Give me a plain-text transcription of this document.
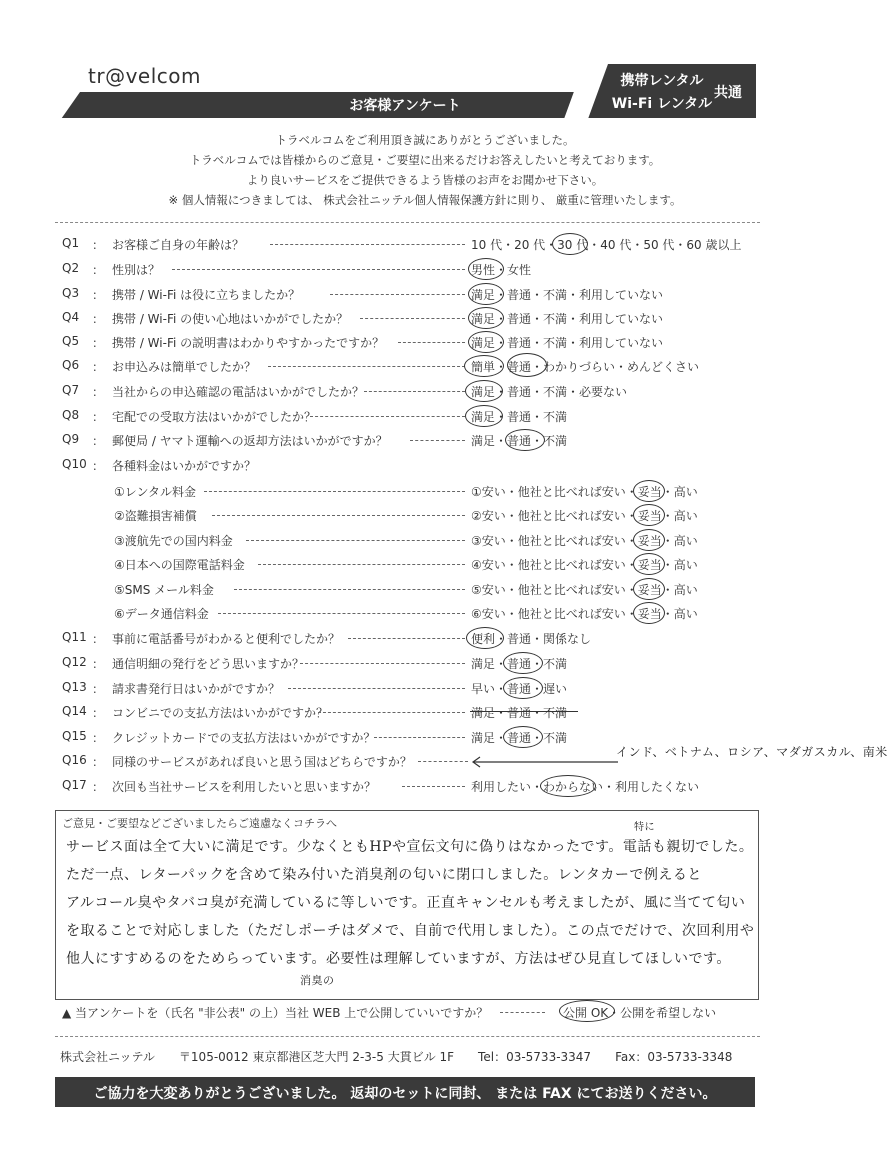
tr@velcom
お客様アンケート
携帯レンタル
Wi-Fi レンタル
共通
トラベルコムをご利用頂き誠にありがとうございました。
トラベルコムでは皆様からのご意見・ご要望に出来るだけお答えしたいと考えております。
より良いサービスをご提供できるよう皆様のお声をお聞かせ下さい。
※ 個人情報につきましては、 株式会社ニッテル個人情報保護方針に則り、 厳重に管理いたします。
Q1 ： お客様ご自身の年齢は？	10 代・20 代・30 代・40 代・50 代・60 歳以上
Q2 ： 性別は？	男性・女性
Q3 ： 携帯 / Wi-Fi は役に立ちましたか？	満足・普通・不満・利用していない
Q4 ： 携帯 / Wi-Fi の使い心地はいかがでしたか？	満足・普通・不満・利用していない
Q5 ： 携帯 / Wi-Fi の説明書はわかりやすかったですか？	満足・普通・不満・利用していない
Q6 ： お申込みは簡単でしたか？	簡単・普通・わかりづらい・めんどくさい
Q7 ： 当社からの申込確認の電話はいかがでしたか？	満足・普通・不満・必要ない
Q8 ： 宅配での受取方法はいかがでしたか？	満足・普通・不満
Q9 ： 郵便局 / ヤマト運輸への返却方法はいかがですか？	満足・普通・不満
Q10 ： 各種料金はいかがですか？
①レンタル料金	①安い・他社と比べれば安い・妥当・高い
②盗難損害補償	②安い・他社と比べれば安い・妥当・高い
③渡航先での国内料金	③安い・他社と比べれば安い・妥当・高い
④日本への国際電話料金	④安い・他社と比べれば安い・妥当・高い
⑤SMS メール料金	⑤安い・他社と比べれば安い・妥当・高い
⑥データ通信料金	⑥安い・他社と比べれば安い・妥当・高い
Q11 ： 事前に電話番号がわかると便利でしたか？	便利・普通・関係なし
Q12 ： 通信明細の発行をどう思いますか？	満足・普通・不満
Q13 ： 請求書発行日はいかがですか？	早い・普通・遅い
Q14 ： コンビニでの支払方法はいかがですか？	満足・普通・不満
Q15 ： クレジットカードでの支払方法はいかがですか？	満足・普通・不満
Q16 ： 同様のサービスがあれば良いと思う国はどちらですか？
Q17 ： 次回も当社サービスを利用したいと思いますか？	利用したい・わからない・利用したくない
インド、ベトナム、ロシア、マダガスカル、南米
ご意見・ご要望などございましたらご遠慮なくコチラへ
サービス面は全て大いに満足です。少なくともHPや宣伝文句に偽りはなかったです。電話も親切でした。
ただ一点、レターパックを含めて染み付いた消臭剤の匂いに閉口しました。レンタカーで例えると
アルコール臭やタバコ臭が充満しているに等しいです。正直キャンセルも考えましたが、風に当てて匂い
を取ることで対応しました（ただしポーチはダメで、自前で代用しました）。この点でだけで、次回利用や
他人にすすめるのをためらっています。必要性は理解していますが、方法はぜひ見直してほしいです。
特に
消臭の
▲ 当アンケートを（氏名 "非公表" の上）当社 WEB 上で公開していいですか？	公開 OK・公開を希望しない
株式会社ニッテル　　〒105-0012 東京都港区芝大門 2-3-5 大貫ビル 1F　　Tel：03-5733-3347　　Fax：03-5733-3348
ご協力を大変ありがとうございました。 返却のセットに同封、 または FAX にてお送りください。
